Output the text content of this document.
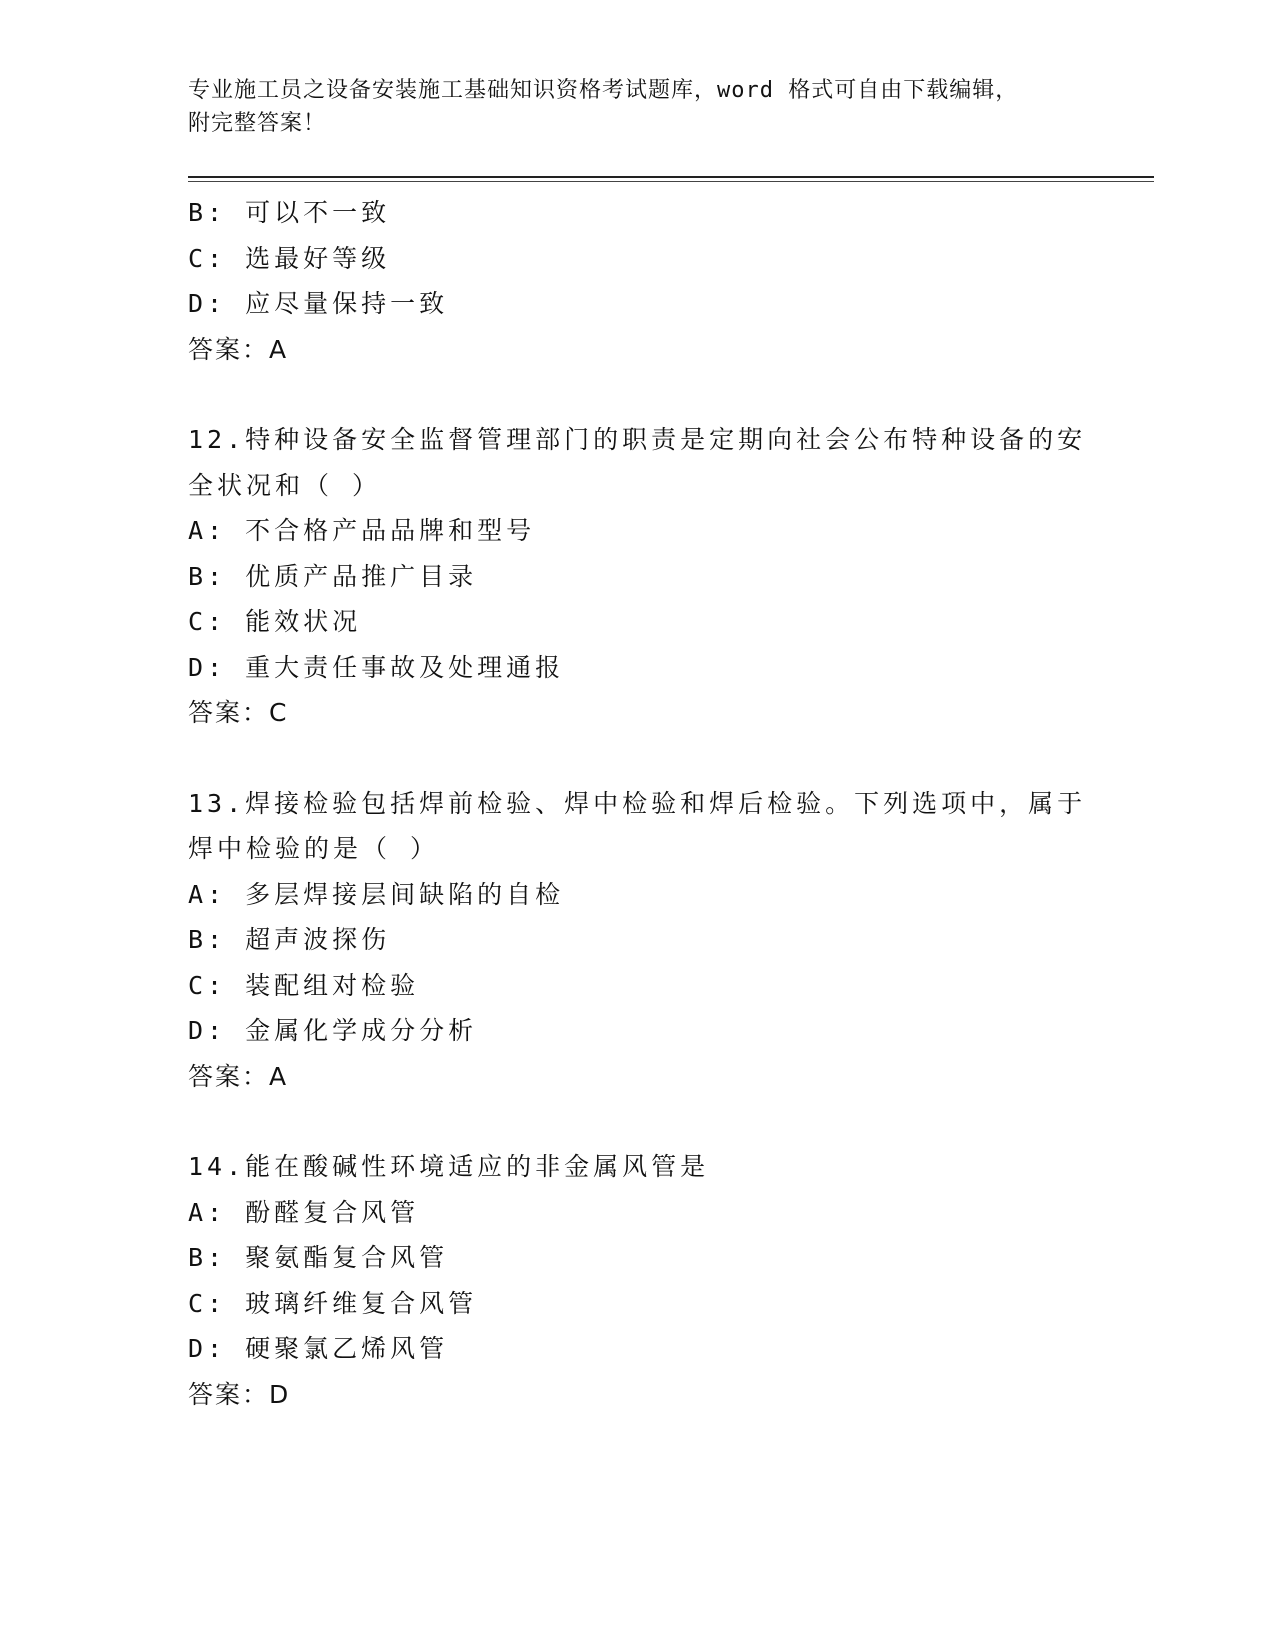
专业施工员之设备安装施工基础知识资格考试题库，word 格式可自由下载编辑，
附完整答案！
B: 可以不一致
C: 选最好等级
D: 应尽量保持一致
答案：A
12.特种设备安全监督管理部门的职责是定期向社会公布特种设备的安
全状况和（ ）
A: 不合格产品品牌和型号
B: 优质产品推广目录
C: 能效状况
D: 重大责任事故及处理通报
答案：C
13.焊接检验包括焊前检验、焊中检验和焊后检验。下列选项中，属于
焊中检验的是（ ）
A: 多层焊接层间缺陷的自检
B: 超声波探伤
C: 装配组对检验
D: 金属化学成分分析
答案：A
14.能在酸碱性环境适应的非金属风管是
A: 酚醛复合风管
B: 聚氨酯复合风管
C: 玻璃纤维复合风管
D: 硬聚氯乙烯风管
答案：D
